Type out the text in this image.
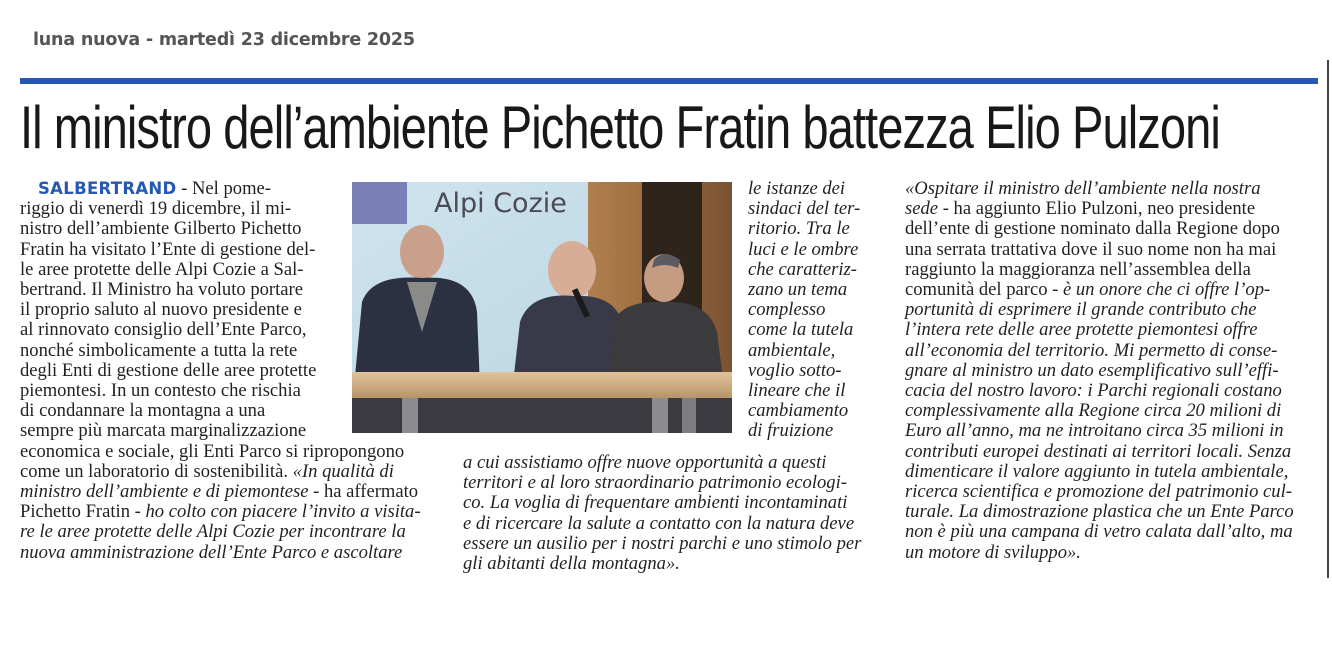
luna nuova - martedì 23 dicembre 2025
Il ministro dell’ambiente Pichetto Fratin battezza Elio Pulzoni
SALBERTRAND - Nel pome-
riggio di venerdì 19 dicembre, il mi-
nistro dell’ambiente Gilberto Pichetto
Fratin ha visitato l’Ente di gestione del-
le aree protette delle Alpi Cozie a Sal-
bertrand. Il Ministro ha voluto portare
il proprio saluto al nuovo presidente e
al rinnovato consiglio dell’Ente Parco,
nonché simbolicamente a tutta la rete
degli Enti di gestione delle aree protette
piemontesi. In un contesto che rischia
di condannare la montagna a una
sempre più marcata marginalizzazione
economica e sociale, gli Enti Parco si ripropongono
come un laboratorio di sostenibilità. «In qualità di
ministro dell’ambiente e di piemontese - ha affermato
Pichetto Fratin - ho colto con piacere l’invito a visita-
re le aree protette delle Alpi Cozie per incontrare la
nuova amministrazione dell’Ente Parco e ascoltare
Alpi Cozie	le istanze dei
sindaci del ter-
ritorio. Tra le
luci e le ombre
che caratteriz-
zano un tema
complesso
come la tutela
ambientale,
voglio sotto-
lineare che il
cambiamento
di fruizione
a cui assistiamo offre nuove opportunità a questi
territori e al loro straordinario patrimonio ecologi-
co. La voglia di frequentare ambienti incontaminati
e di ricercare la salute a contatto con la natura deve
essere un ausilio per i nostri parchi e uno stimolo per
gli abitanti della montagna».
«Ospitare il ministro dell’ambiente nella nostra
sede - ha aggiunto Elio Pulzoni, neo presidente
dell’ente di gestione nominato dalla Regione dopo
una serrata trattativa dove il suo nome non ha mai
raggiunto la maggioranza nell’assemblea della
comunità del parco - è un onore che ci offre l’op-
portunità di esprimere il grande contributo che
l’intera rete delle aree protette piemontesi offre
all’economia del territorio. Mi permetto di conse-
gnare al ministro un dato esemplificativo sull’effi-
cacia del nostro lavoro: i Parchi regionali costano
complessivamente alla Regione circa 20 milioni di
Euro all’anno, ma ne introitano circa 35 milioni in
contributi europei destinati ai territori locali. Senza
dimenticare il valore aggiunto in tutela ambientale,
ricerca scientifica e promozione del patrimonio cul-
turale. La dimostrazione plastica che un Ente Parco
non è più una campana di vetro calata dall’alto, ma
un motore di sviluppo».
